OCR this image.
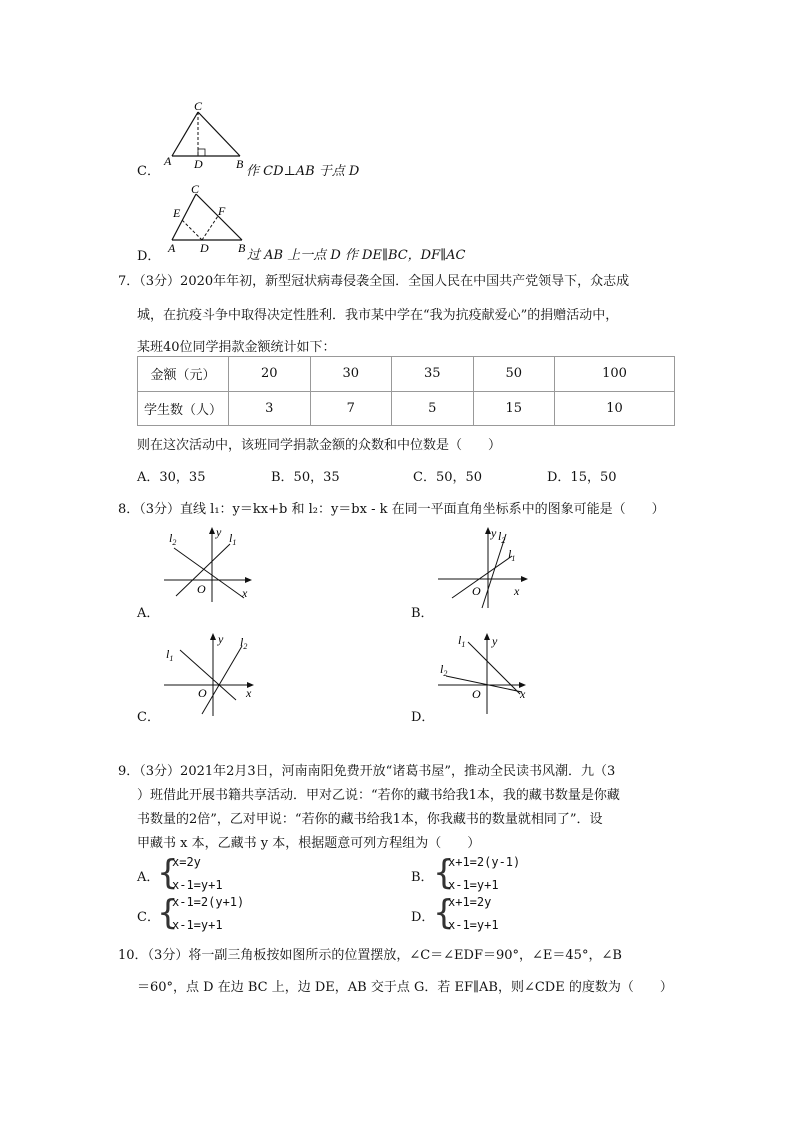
C
A D	B
C．	作 CD⊥AB 于点 D
C
E	F
A D B
D．	过 AB 上一点 D 作 DE∥BC，DF∥AC
7．（3分）2020年年初，新型冠状病毒侵袭全国．全国人民在中国共产党领导下，众志成
城，在抗疫斗争中取得决定性胜利．我市某中学在“我为抗疫献爱心”的捐赠活动中，
某班40位同学捐款金额统计如下：
金额（元）	20	30	35	50	100
学生数（人）	3	7	5	15	10
则在这次活动中，该班同学捐款金额的众数和中位数是（　　）
A．30，35	B．50，35	C．50，50	D．15，50
8．（3分）直线 l₁：y＝kx+b 和 l₂：y＝bx - k 在同一平面直角坐标系中的图象可能是（　　）
$l_2$	$l_1$
y
x
O
A．
y $l_2$
$l_1$
x
O
B．
y $l_2$
$l_1$
x
O
C．
$l_1$ y
$l_2$
x
O
D．
9．（3分）2021年2月3日，河南南阳免费开放“诸葛书屋”，推动全民读书风潮．九（3
）班借此开展书籍共享活动．甲对乙说：“若你的藏书给我1本，我的藏书数量是你藏
书数量的2倍”，乙对甲说：“若你的藏书给我1本，你我藏书的数量就相同了”．设
甲藏书 x 本，乙藏书 y 本，根据题意可列方程组为（　　）
A．
{
x=2y
x-1=y+1	B． {
x+1=2(y-1)
x-1=y+1
C．
{
x-1=2(y+1)
x-1=y+1	D．
{
x+1=2y
x-1=y+1
10．（3分）将一副三角板按如图所示的位置摆放，∠C＝∠EDF＝90°，∠E＝45°，∠B
＝60°，点 D 在边 BC 上，边 DE，AB 交于点 G．若 EF∥AB，则∠CDE 的度数为（　　）
